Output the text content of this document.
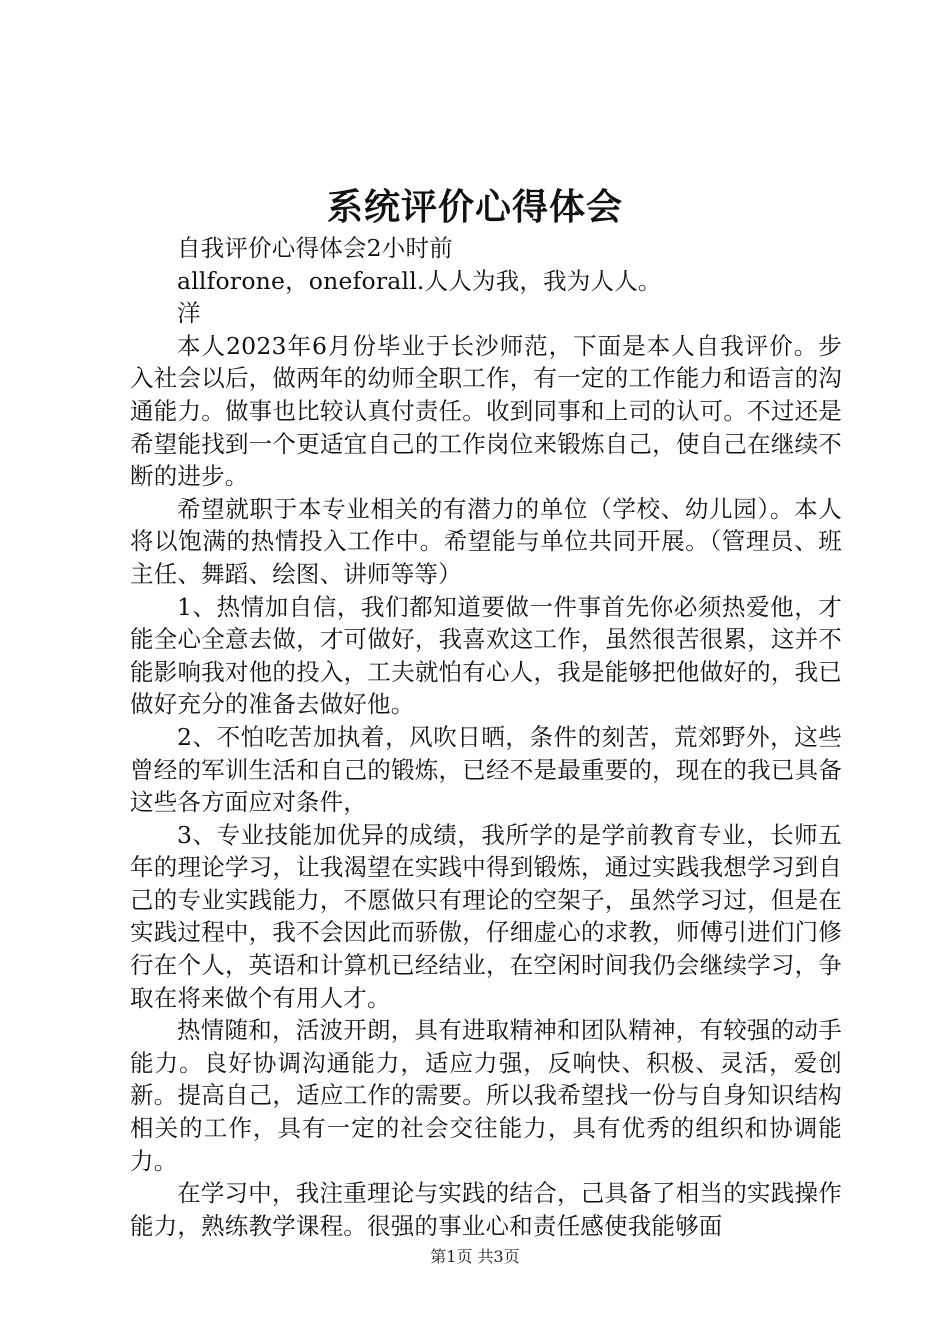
系统评价心得体会

自我评价心得体会2小时前

allforone，oneforall.人人为我，我为人人。

洋

本人2023年6月份毕业于长沙师范，下面是本人自我评价。步入社会以后，做两年的幼师全职工作，有一定的工作能力和语言的沟通能力。做事也比较认真付责任。收到同事和上司的认可。不过还是希望能找到一个更适宜自己的工作岗位来锻炼自己，使自己在继续不断的进步。

希望就职于本专业相关的有潜力的单位（学校、幼儿园）。本人将以饱满的热情投入工作中。希望能与单位共同开展。（管理员、班主任、舞蹈、绘图、讲师等等）

1、热情加自信，我们都知道要做一件事首先你必须热爱他，才能全心全意去做，才可做好，我喜欢这工作，虽然很苦很累，这并不能影响我对他的投入，工夫就怕有心人，我是能够把他做好的，我已做好充分的准备去做好他。

2、不怕吃苦加执着，风吹日晒，条件的刻苦，荒郊野外，这些曾经的军训生活和自己的锻炼，已经不是最重要的，现在的我已具备这些各方面应对条件，

3、专业技能加优异的成绩，我所学的是学前教育专业，长师五年的理论学习，让我渴望在实践中得到锻炼，通过实践我想学习到自己的专业实践能力，不愿做只有理论的空架子，虽然学习过，但是在实践过程中，我不会因此而骄傲，仔细虚心的求教，师傅引进们门修行在个人，英语和计算机已经结业，在空闲时间我仍会继续学习，争取在将来做个有用人才。

热情随和，活波开朗，具有进取精神和团队精神，有较强的动手能力。良好协调沟通能力，适应力强，反响快、积极、灵活，爱创新。提高自己，适应工作的需要。所以我希望找一份与自身知识结构相关的工作，具有一定的社会交往能力，具有优秀的组织和协调能力。

在学习中，我注重理论与实践的结合，己具备了相当的实践操作能力，熟练教学课程。很强的事业心和责任感使我能够面

第1页 共3页
